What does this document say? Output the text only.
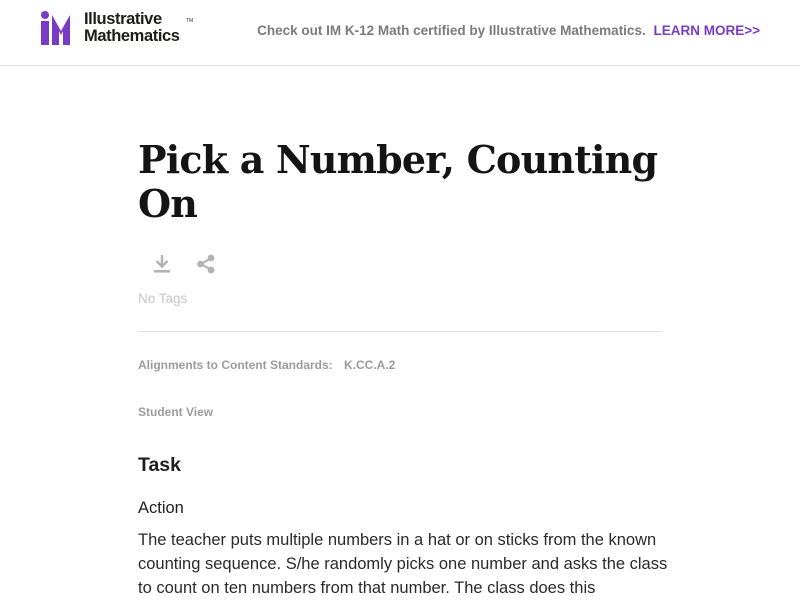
Illustrative
Mathematics
TM
Check out IM K-12 Math certified by Illustrative Mathematics. LEARN MORE>>
Pick a Number, Counting On
No Tags
Alignments to Content Standards: K.CC.A.2
Student View
Task
Action

The teacher puts multiple numbers in a hat or on sticks from the known counting sequence. S/he randomly picks one number and asks the class to count on ten numbers from that number. The class does this
